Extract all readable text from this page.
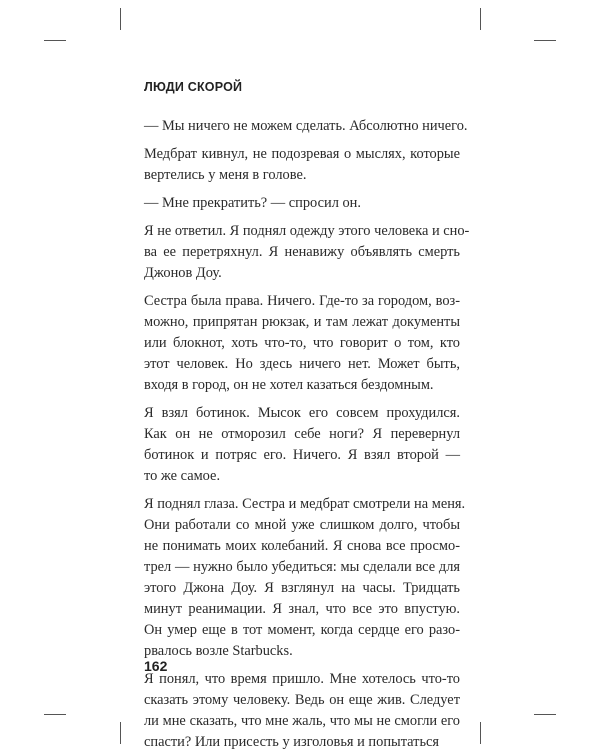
ЛЮДИ СКОРОЙ
— Мы ничего не можем сделать. Абсолютно ничего.
Медбрат кивнул, не подозревая о мыслях, которые
вертелись у меня в голове.
— Мне прекратить? — спросил он.
Я не ответил. Я поднял одежду этого человека и сно-
ва ее перетряхнул. Я ненавижу объявлять смерть
Джонов Доу.
Сестра была права. Ничего. Где-то за городом, воз-
можно, припрятан рюкзак, и там лежат документы
или блокнот, хоть что-то, что говорит о том, кто
этот человек. Но здесь ничего нет. Может быть,
входя в город, он не хотел казаться бездомным.
Я взял ботинок. Мысок его совсем прохудился.
Как он не отморозил себе ноги? Я перевернул
ботинок и потряс его. Ничего. Я взял второй —
то же самое.
Я поднял глаза. Сестра и медбрат смотрели на меня.
Они работали со мной уже слишком долго, чтобы
не понимать моих колебаний. Я снова все просмо-
трел — нужно было убедиться: мы сделали все для
этого Джона Доу. Я взглянул на часы. Тридцать
минут реанимации. Я знал, что все это впустую.
Он умер еще в тот момент, когда сердце его разо-
рвалось возле Starbucks.
Я понял, что время пришло. Мне хотелось что-то
сказать этому человеку. Ведь он еще жив. Следует
ли мне сказать, что мне жаль, что мы не смогли его
спасти? Или присесть у изголовья и попытаться
162
